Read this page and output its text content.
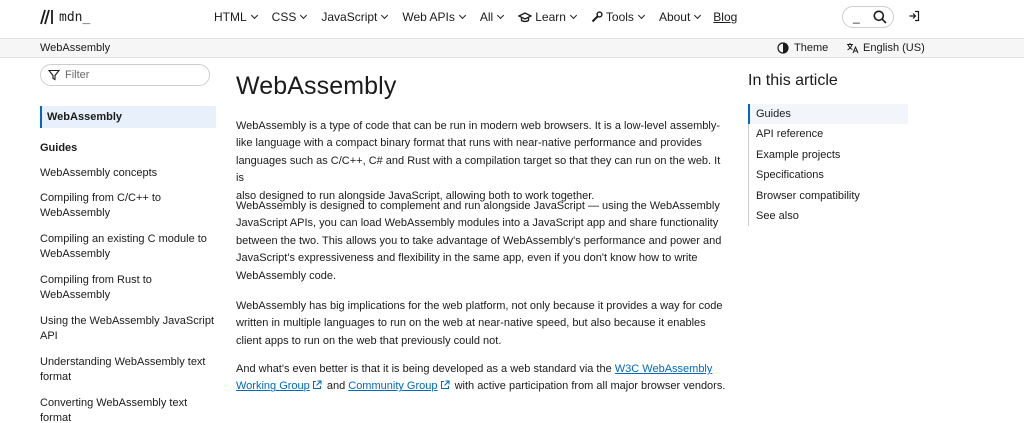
mdn_	HTML CSS JavaScript Web APIs All	Learn	Tools About Blog	_
WebAssembly	Theme	English (US)
Filter
WebAssembly
Guides
WebAssembly concepts
Compiling from C/C++ to
WebAssembly
Compiling an existing C module to
WebAssembly
Compiling from Rust to
WebAssembly
Using the WebAssembly JavaScript
API
Understanding WebAssembly text
format
Converting WebAssembly text
format
WebAssembly
WebAssembly is a type of code that can be run in modern web browsers. It is a low-level assembly-
like language with a compact binary format that runs with near-native performance and provides
languages such as C/C++, C# and Rust with a compilation target so that they can run on the web. It is
also designed to run alongside JavaScript, allowing both to work together.
WebAssembly is designed to complement and run alongside JavaScript — using the WebAssembly
JavaScript APIs, you can load WebAssembly modules into a JavaScript app and share functionality
between the two. This allows you to take advantage of WebAssembly's performance and power and
JavaScript's expressiveness and flexibility in the same app, even if you don't know how to write
WebAssembly code.
WebAssembly has big implications for the web platform, not only because it provides a way for code
written in multiple languages to run on the web at near-native speed, but also because it enables
client apps to run on the web that previously could not.
And what's even better is that it is being developed as a web standard via the W3C WebAssembly
Working Group and Community Group with active participation from all major browser vendors.
In this article
Guides
API reference
Example projects
Specifications
Browser compatibility
See also
